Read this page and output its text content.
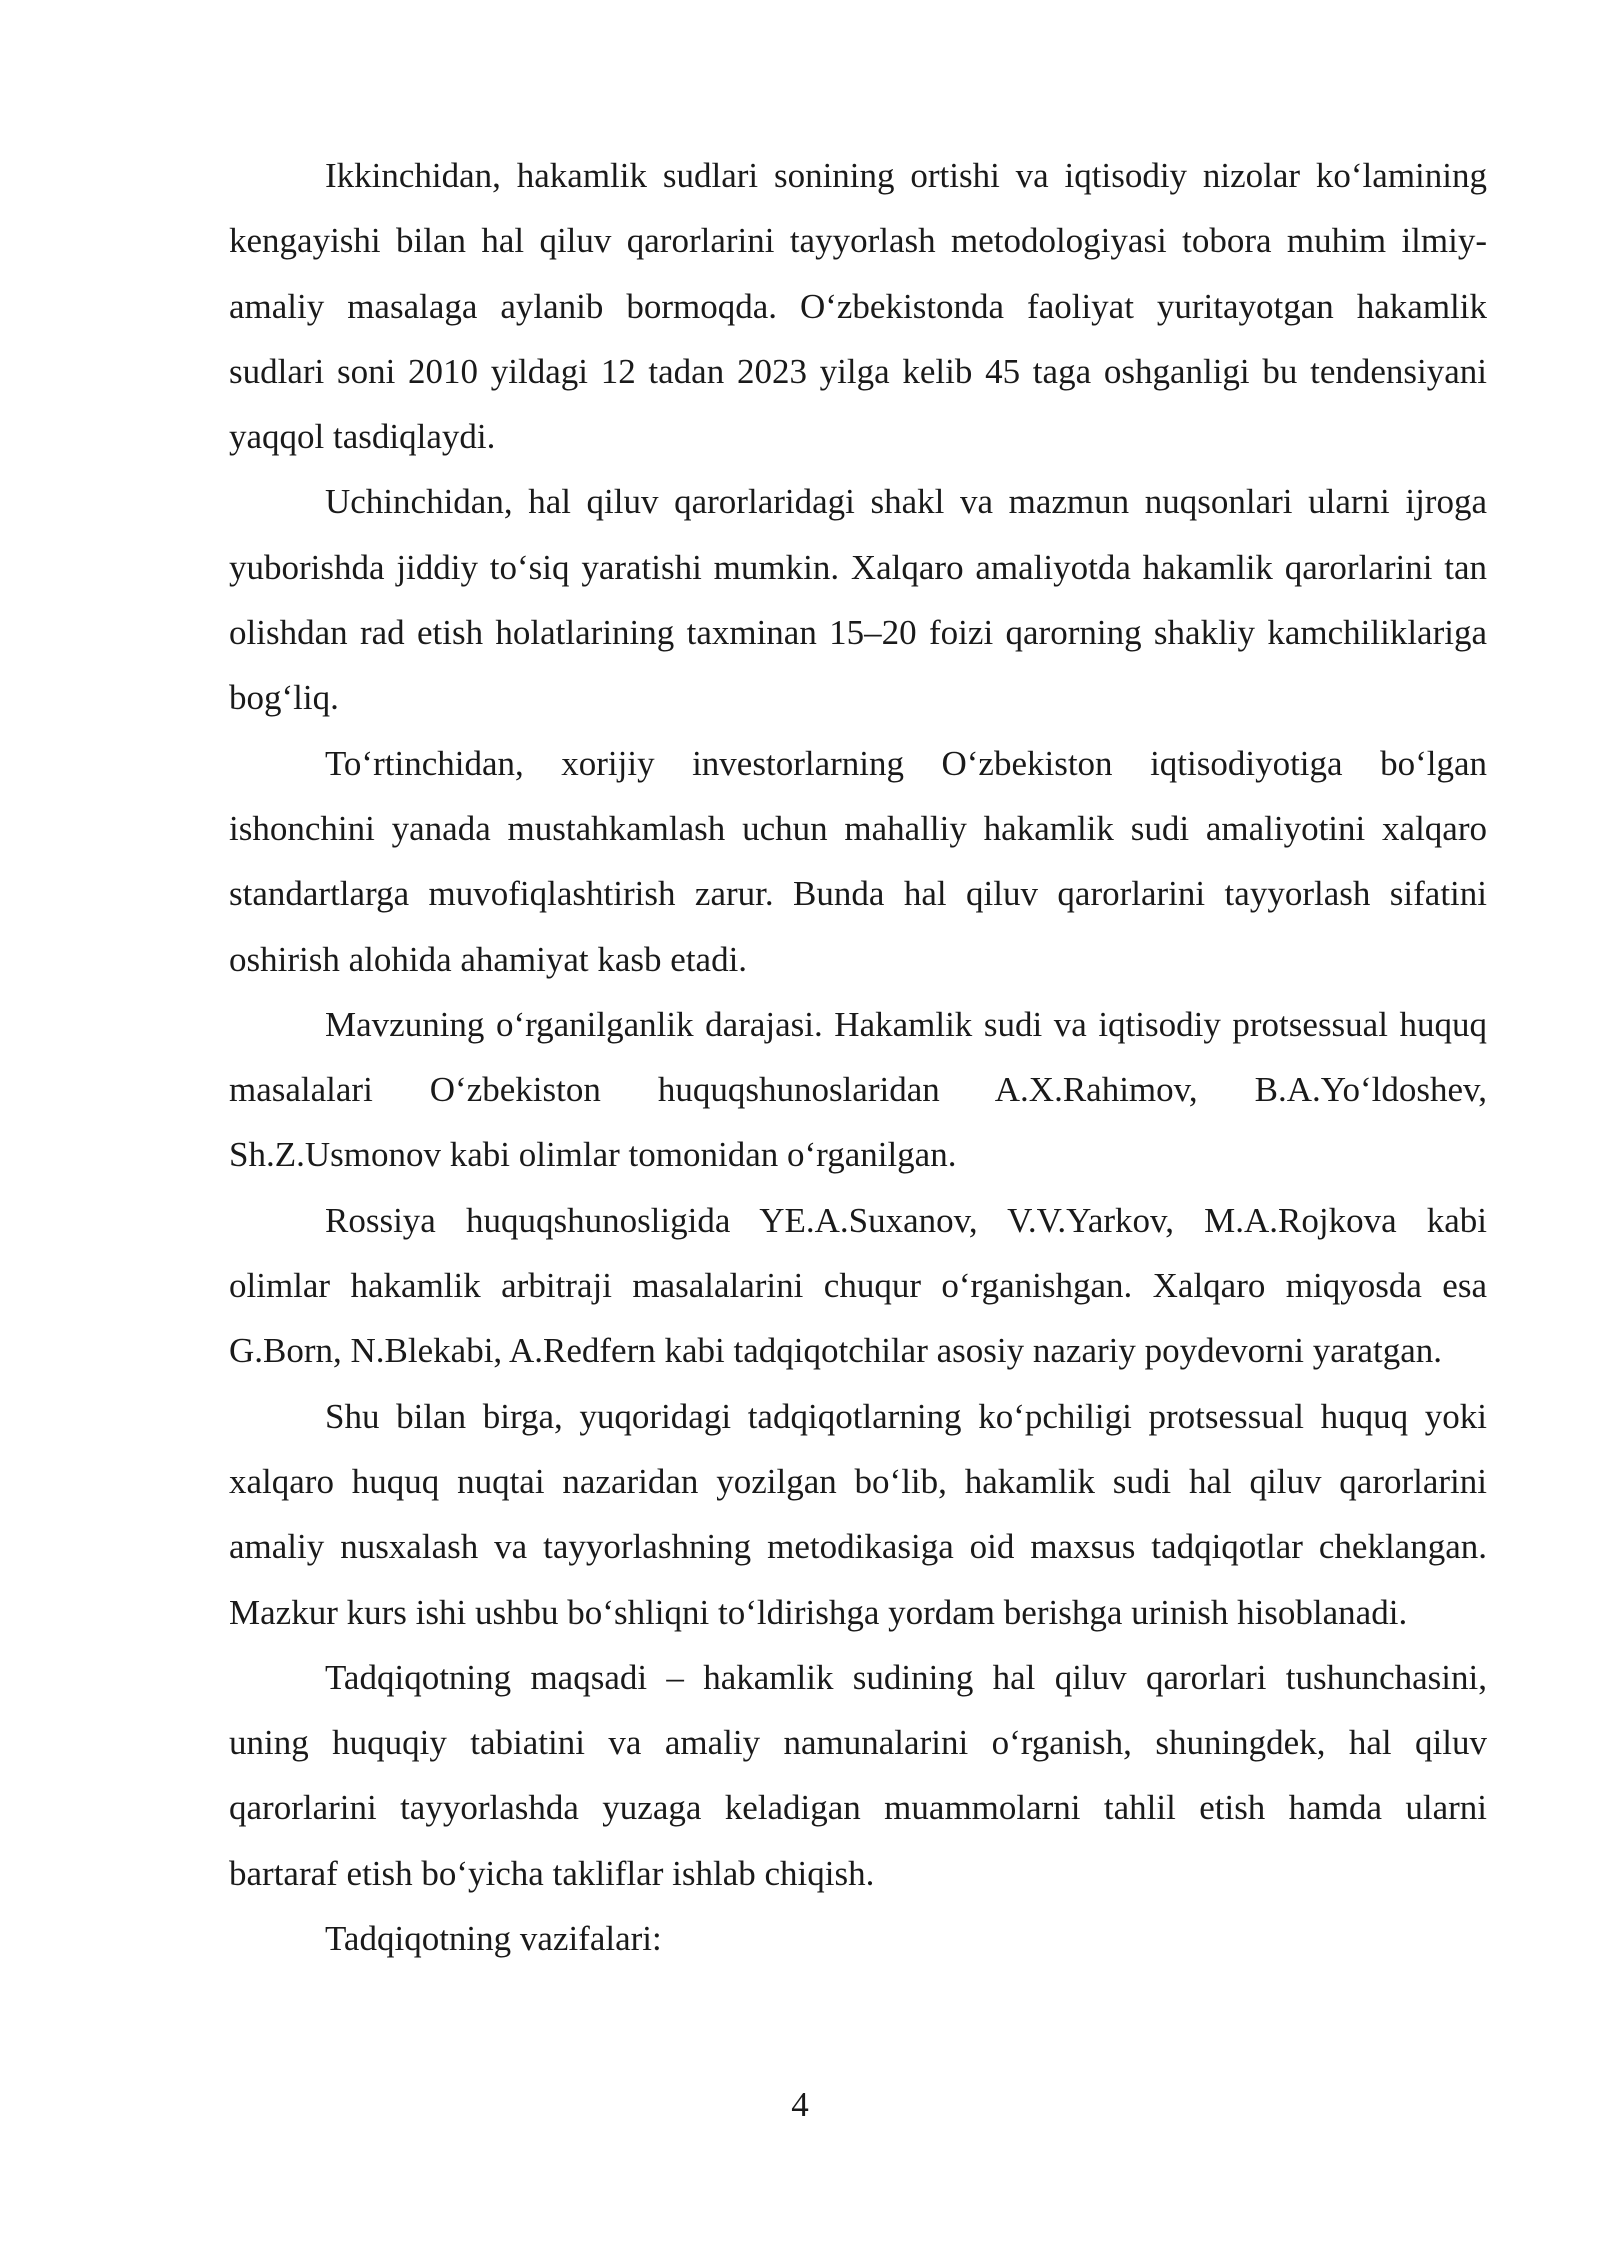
Ikkinchidan, hakamlik sudlari sonining ortishi va iqtisodiy nizolar ko‘lamining kengayishi bilan hal qiluv qarorlarini tayyorlash metodologiyasi tobora muhim ilmiy-amaliy masalaga aylanib bormoqda. O‘zbekistonda faoliyat yuritayotgan hakamlik sudlari soni 2010 yildagi 12 tadan 2023 yilga kelib 45 taga oshganligi bu tendensiyani yaqqol tasdiqlaydi.

Uchinchidan, hal qiluv qarorlaridagi shakl va mazmun nuqsonlari ularni ijroga yuborishda jiddiy to‘siq yaratishi mumkin. Xalqaro amaliyotda hakamlik qarorlarini tan olishdan rad etish holatlarining taxminan 15–20 foizi qarorning shakliy kamchiliklariga bog‘liq.

To‘rtinchidan, xorijiy investorlarning O‘zbekiston iqtisodiyotiga bo‘lgan ishonchini yanada mustahkamlash uchun mahalliy hakamlik sudi amaliyotini xalqaro standartlarga muvofiqlashtirish zarur. Bunda hal qiluv qarorlarini tayyorlash sifatini oshirish alohida ahamiyat kasb etadi.

Mavzuning o‘rganilganlik darajasi. Hakamlik sudi va iqtisodiy protsessual huquq masalalari O‘zbekiston huquqshunoslaridan A.X.Rahimov, B.A.Yo‘ldoshev, Sh.Z.Usmonov kabi olimlar tomonidan o‘rganilgan.

Rossiya huquqshunosligida YE.A.Suxanov, V.V.Yarkov, M.A.Rojkova kabi olimlar hakamlik arbitraji masalalarini chuqur o‘rganishgan. Xalqaro miqyosda esa G.Born, N.Blekabi, A.Redfern kabi tadqiqotchilar asosiy nazariy poydevorni yaratgan.

Shu bilan birga, yuqoridagi tadqiqotlarning ko‘pchiligi protsessual huquq yoki xalqaro huquq nuqtai nazaridan yozilgan bo‘lib, hakamlik sudi hal qiluv qarorlarini amaliy nusxalash va tayyorlashning metodikasiga oid maxsus tadqiqotlar cheklangan. Mazkur kurs ishi ushbu bo‘shliqni to‘ldirishga yordam berishga urinish hisoblanadi.

Tadqiqotning maqsadi – hakamlik sudining hal qiluv qarorlari tushunchasini, uning huquqiy tabiatini va amaliy namunalarini o‘rganish, shuningdek, hal qiluv qarorlarini tayyorlashda yuzaga keladigan muammolarni tahlil etish hamda ularni bartaraf etish bo‘yicha takliflar ishlab chiqish.

Tadqiqotning vazifalari:

4
